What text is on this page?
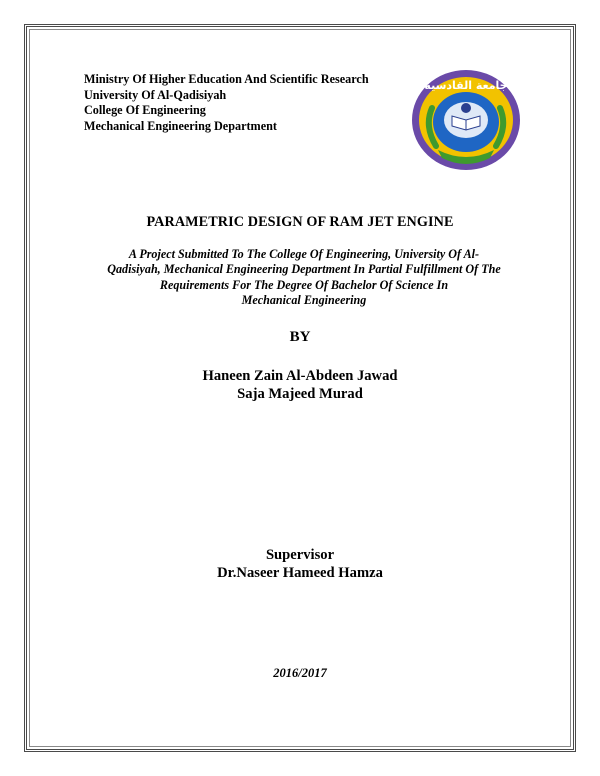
Ministry Of Higher Education And Scientific Research
University Of Al-Qadisiyah
College Of Engineering
Mechanical Engineering Department
جامعة القادسية
PARAMETRIC DESIGN OF RAM JET ENGINE
A Project Submitted To The College Of Engineering, University Of Al-
Qadisiyah, Mechanical Engineering Department In Partial Fulfillment Of The
Requirements For The Degree Of Bachelor Of Science In
Mechanical Engineering
BY
Haneen Zain Al-Abdeen Jawad
Saja Majeed Murad
Supervisor
Dr.Naseer Hameed Hamza
2016/2017
